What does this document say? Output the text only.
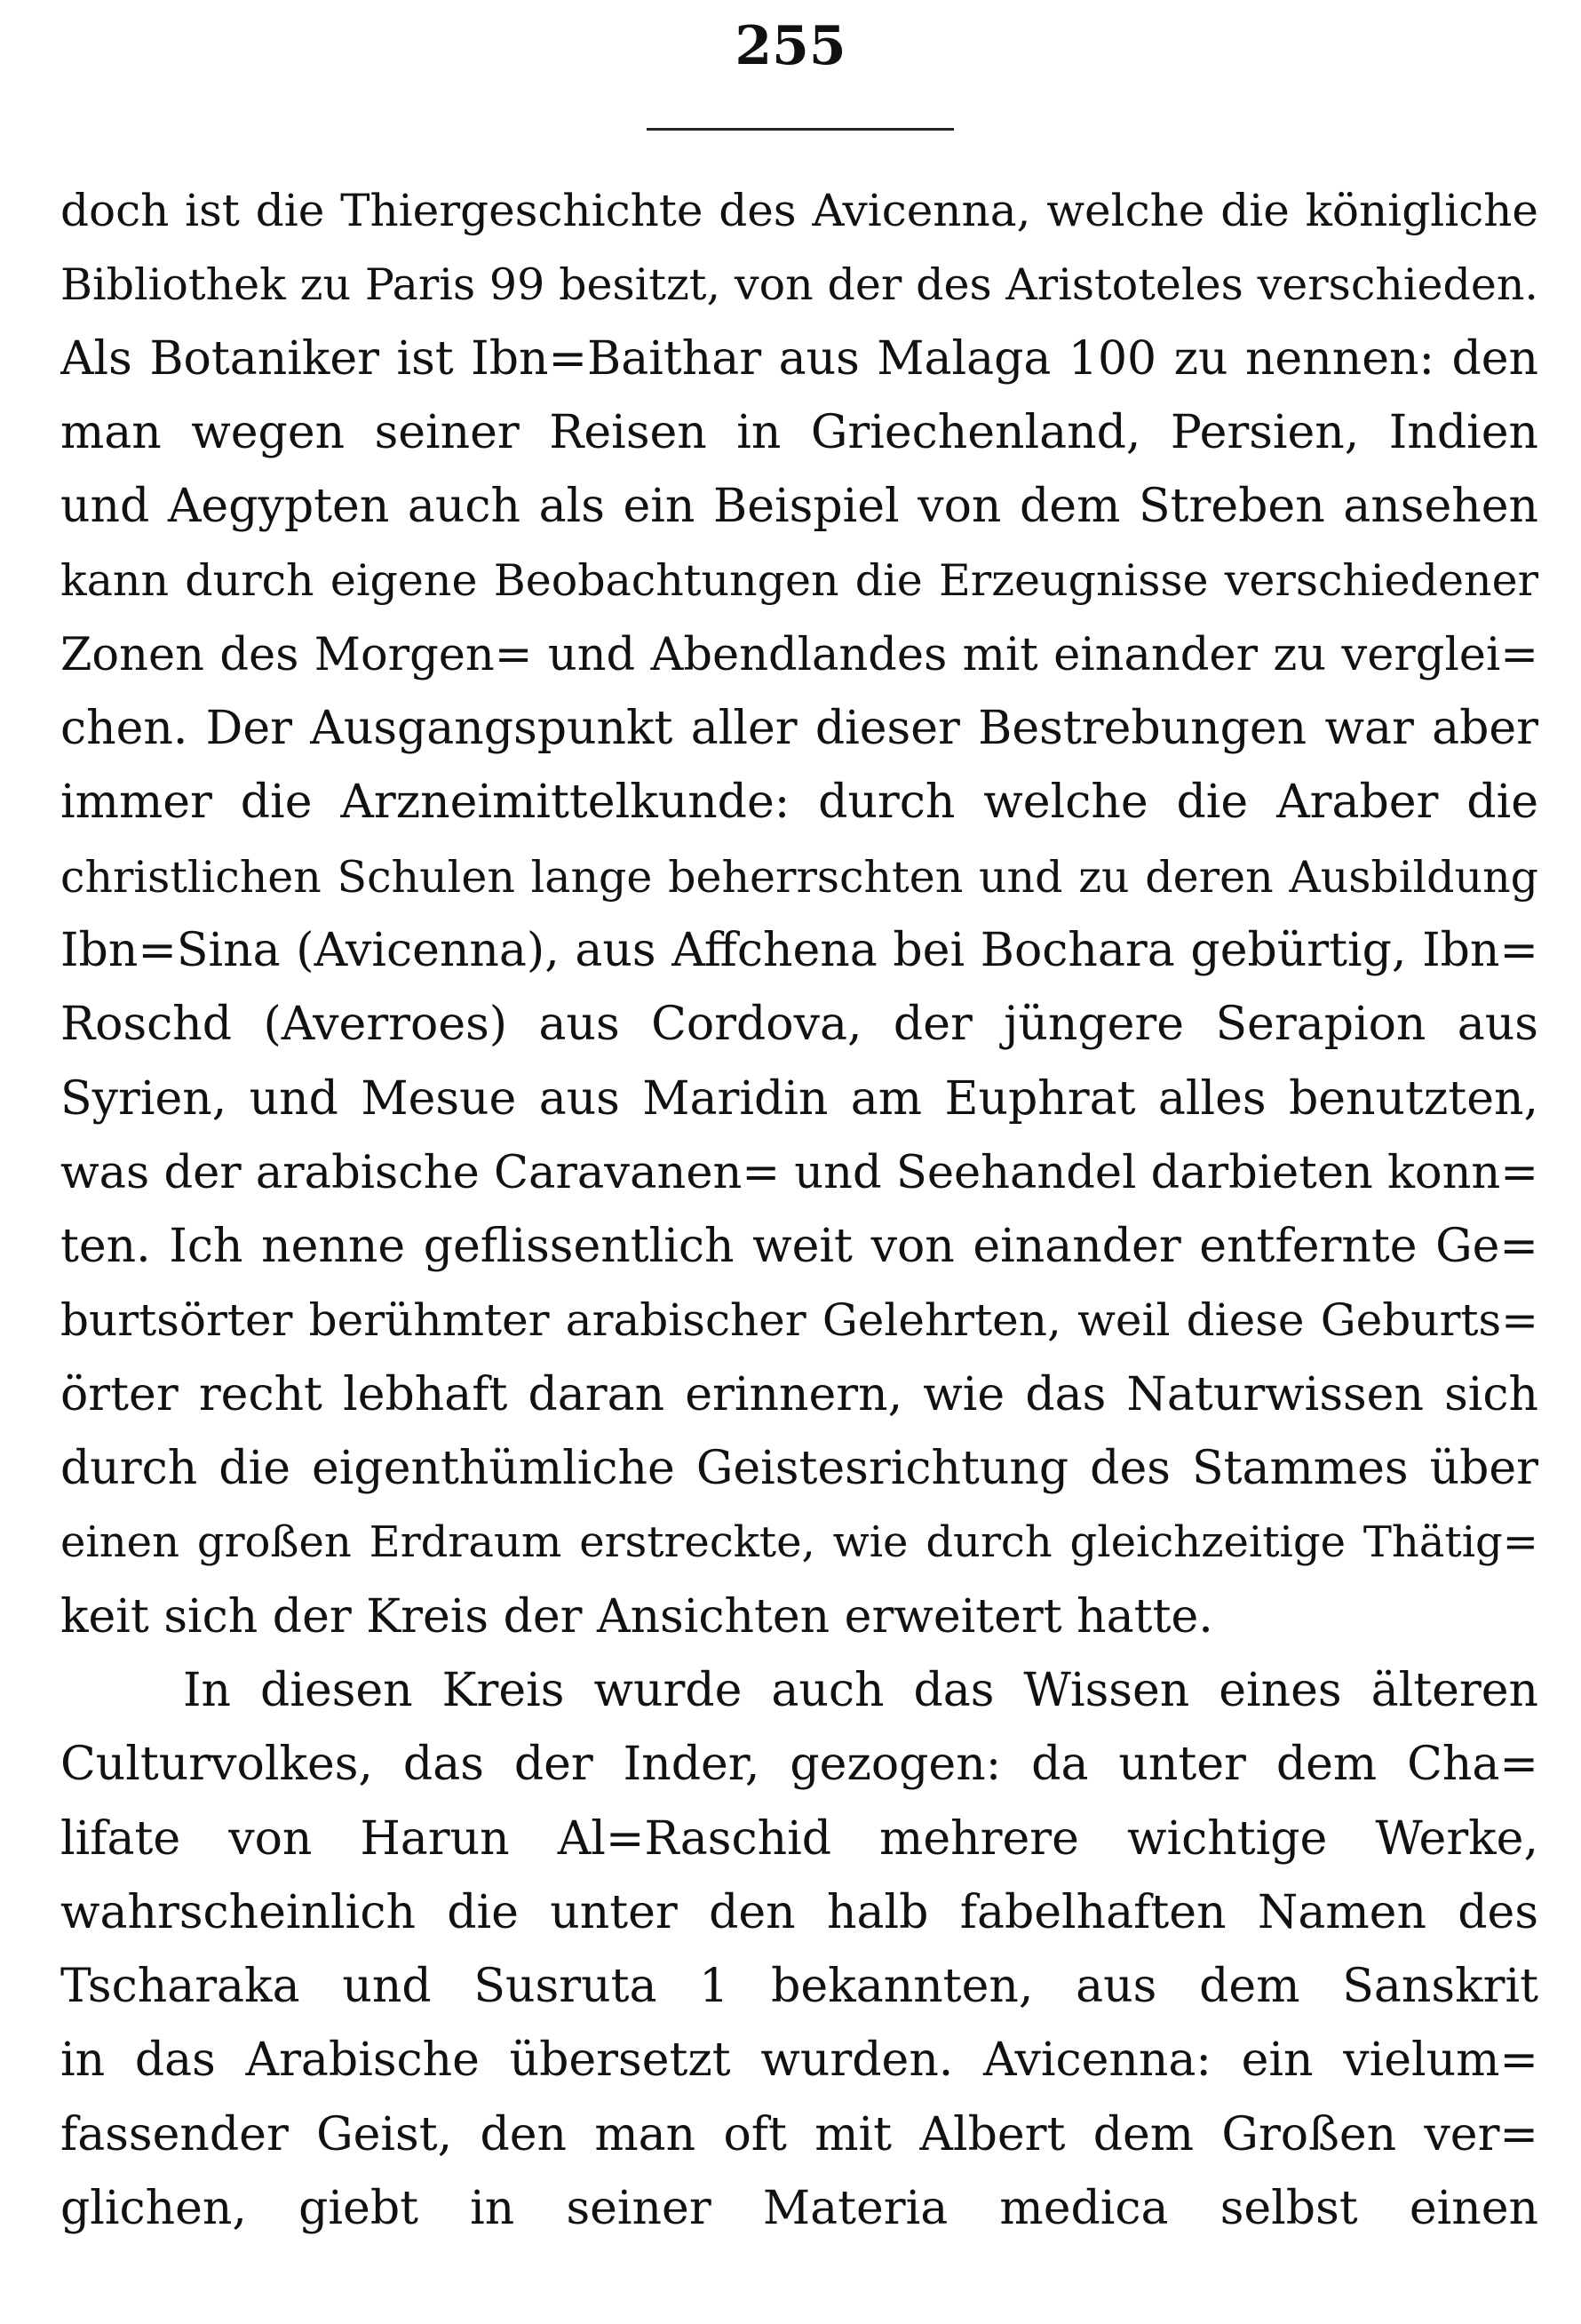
255
doch ist die Thiergeschichte des Avicenna, welche die königliche
Bibliothek zu Paris 99 besitzt, von der des Aristoteles verschieden.
Als Botaniker ist Ibn=Baithar aus Malaga 100 zu nennen: den
man wegen seiner Reisen in Griechenland, Persien, Indien
und Aegypten auch als ein Beispiel von dem Streben ansehen
kann durch eigene Beobachtungen die Erzeugnisse verschiedener
Zonen des Morgen= und Abendlandes mit einander zu verglei=
chen. Der Ausgangspunkt aller dieser Bestrebungen war aber
immer die Arzneimittelkunde: durch welche die Araber die
christlichen Schulen lange beherrschten und zu deren Ausbildung
Ibn=Sina (Avicenna), aus Affchena bei Bochara gebürtig, Ibn=
Roschd (Averroes) aus Cordova, der jüngere Serapion aus
Syrien, und Mesue aus Maridin am Euphrat alles benutzten,
was der arabische Caravanen= und Seehandel darbieten konn=
ten. Ich nenne geflissentlich weit von einander entfernte Ge=
burtsörter berühmter arabischer Gelehrten, weil diese Geburts=
örter recht lebhaft daran erinnern, wie das Naturwissen sich
durch die eigenthümliche Geistesrichtung des Stammes über
einen großen Erdraum erstreckte, wie durch gleichzeitige Thätig=
keit sich der Kreis der Ansichten erweitert hatte.
In diesen Kreis wurde auch das Wissen eines älteren
Culturvolkes, das der Inder, gezogen: da unter dem Cha=
lifate von Harun Al=Raschid mehrere wichtige Werke,
wahrscheinlich die unter den halb fabelhaften Namen des
Tscharaka und Susruta 1 bekannten, aus dem Sanskrit
in das Arabische übersetzt wurden. Avicenna: ein vielum=
fassender Geist, den man oft mit Albert dem Großen ver=
glichen, giebt in seiner Materia medica selbst einen
